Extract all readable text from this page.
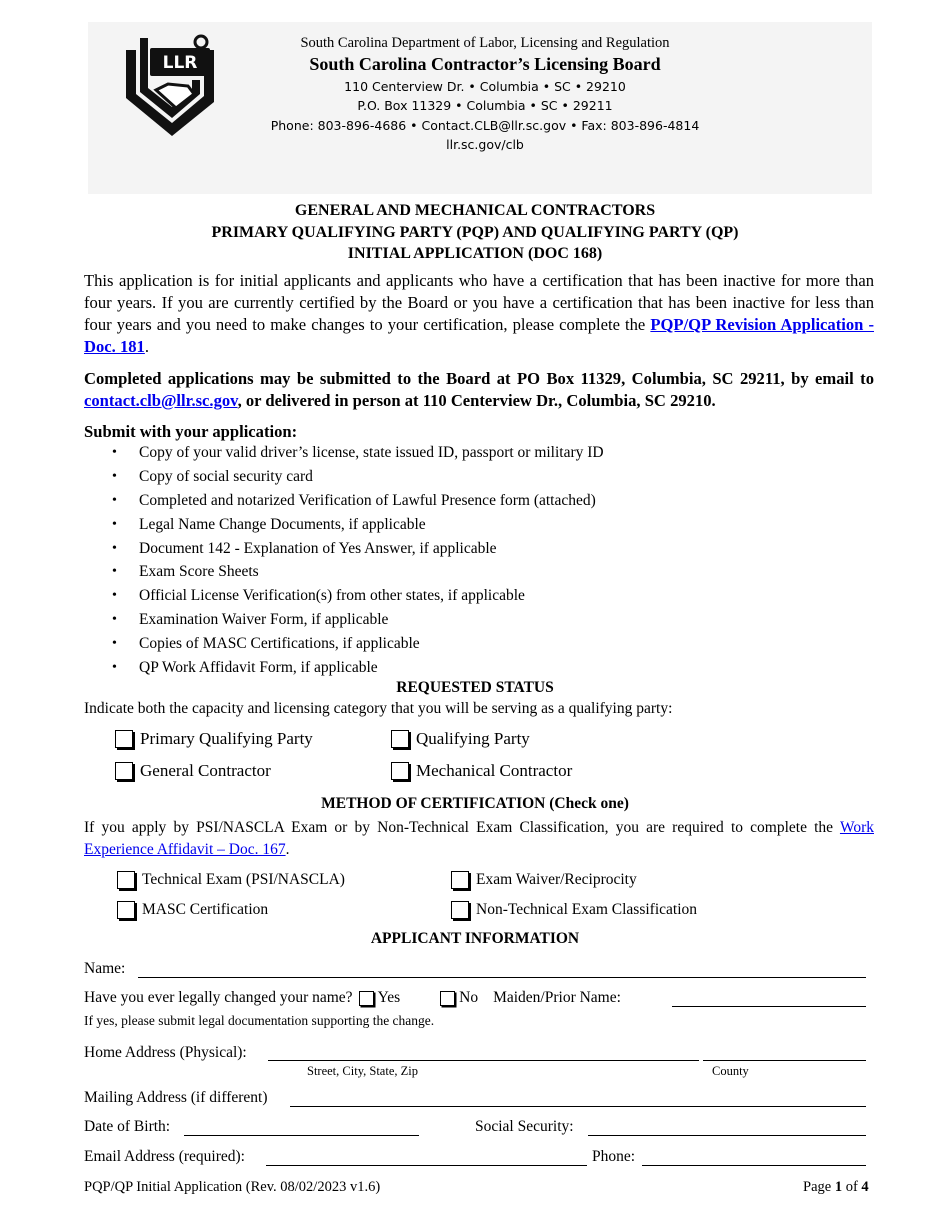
LLR
South Carolina Department of Labor, Licensing and Regulation
South Carolina Contractor’s Licensing Board
110 Centerview Dr. • Columbia • SC • 29210
P.O. Box 11329 • Columbia • SC • 29211
Phone: 803-896-4686 • Contact.CLB@llr.sc.gov • Fax: 803-896-4814
llr.sc.gov/clb
GENERAL AND MECHANICAL CONTRACTORS
PRIMARY QUALIFYING PARTY (PQP) AND QUALIFYING PARTY (QP)
INITIAL APPLICATION (DOC 168)
This application is for initial applicants and applicants who have a certification that has been inactive for more than four years. If you are currently certified by the Board or you have a certification that has been inactive for less than four years and you need to make changes to your certification, please complete the PQP/QP Revision Application - Doc. 181.
Completed applications may be submitted to the Board at PO Box 11329, Columbia, SC 29211, by email to contact.clb@llr.sc.gov, or delivered in person at 110 Centerview Dr., Columbia, SC 29210.
Submit with your application:
• Copy of your valid driver’s license, state issued ID, passport or military ID
• Copy of social security card
• Completed and notarized Verification of Lawful Presence form (attached)
• Legal Name Change Documents, if applicable
• Document 142 - Explanation of Yes Answer, if applicable
• Exam Score Sheets
• Official License Verification(s) from other states, if applicable
• Examination Waiver Form, if applicable
• Copies of MASC Certifications, if applicable
• QP Work Affidavit Form, if applicable
REQUESTED STATUS
Indicate both the capacity and licensing category that you will be serving as a qualifying party:
Primary Qualifying Party	Qualifying Party
General Contractor	Mechanical Contractor
METHOD OF CERTIFICATION (Check one)
If you apply by PSI/NASCLA Exam or by Non-Technical Exam Classification, you are required to complete the Work Experience Affidavit – Doc. 167.
Technical Exam (PSI/NASCLA)	Exam Waiver/Reciprocity
MASC Certification	Non-Technical Exam Classification
APPLICANT INFORMATION
Name:
Have you ever legally changed your name? Yes	No Maiden/Prior Name:
If yes, please submit legal documentation supporting the change.
Home Address (Physical):
Street, City, State, Zip	County
Mailing Address (if different)
Date of Birth:	Social Security:
Email Address (required):	Phone:
PQP/QP Initial Application (Rev. 08/02/2023 v1.6)	Page 1 of 4
